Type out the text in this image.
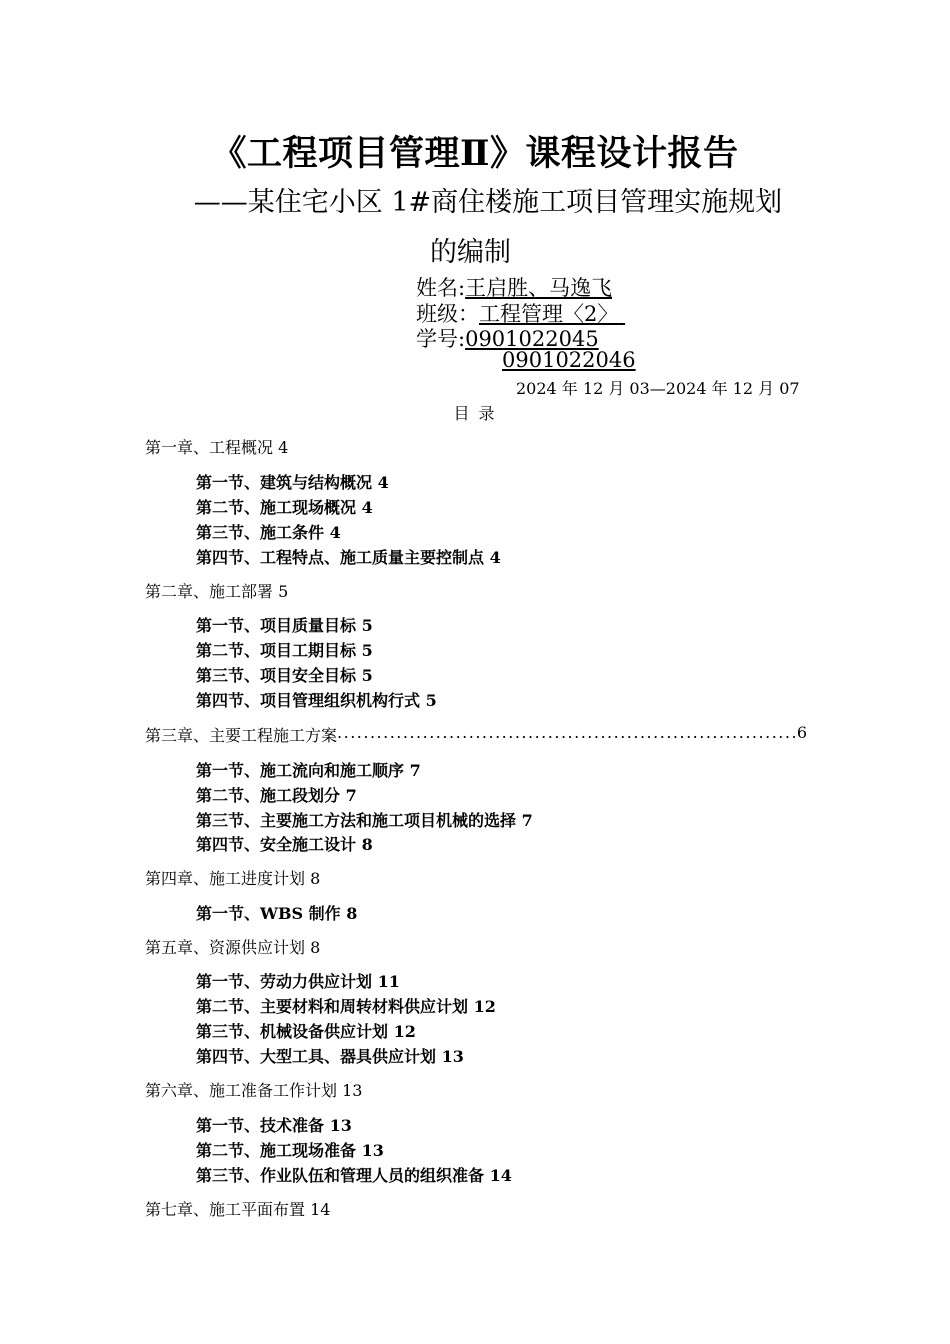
《工程项目管理Ⅱ》课程设计报告
——某住宅小区 1#商住楼施工项目管理实施规划
的编制
姓名:王启胜、马逸飞
班级：工程管理〈2〉
学号:0901022045
0901022046
2024 年 12 月 03—2024 年 12 月 07
目 录
第一章、工程概况 4
第一节、建筑与结构概况 4
第二节、施工现场概况 4
第三节、施工条件 4
第四节、工程特点、施工质量主要控制点 4
第二章、施工部署 5
第一节、项目质量目标 5
第二节、项目工期目标 5
第三节、项目安全目标 5
第四节、项目管理组织机构行式 5
第三章、主要工程施工方案
.....	6
第一节、施工流向和施工顺序 7
第二节、施工段划分 7
第三节、主要施工方法和施工项目机械的选择 7
第四节、安全施工设计 8
第四章、施工进度计划 8
第一节、WBS 制作 8
第五章、资源供应计划 8
第一节、劳动力供应计划 11
第二节、主要材料和周转材料供应计划 12
第三节、机械设备供应计划 12
第四节、大型工具、器具供应计划 13
第六章、施工准备工作计划 13
第一节、技术准备 13
第二节、施工现场准备 13
第三节、作业队伍和管理人员的组织准备 14
第七章、施工平面布置 14
